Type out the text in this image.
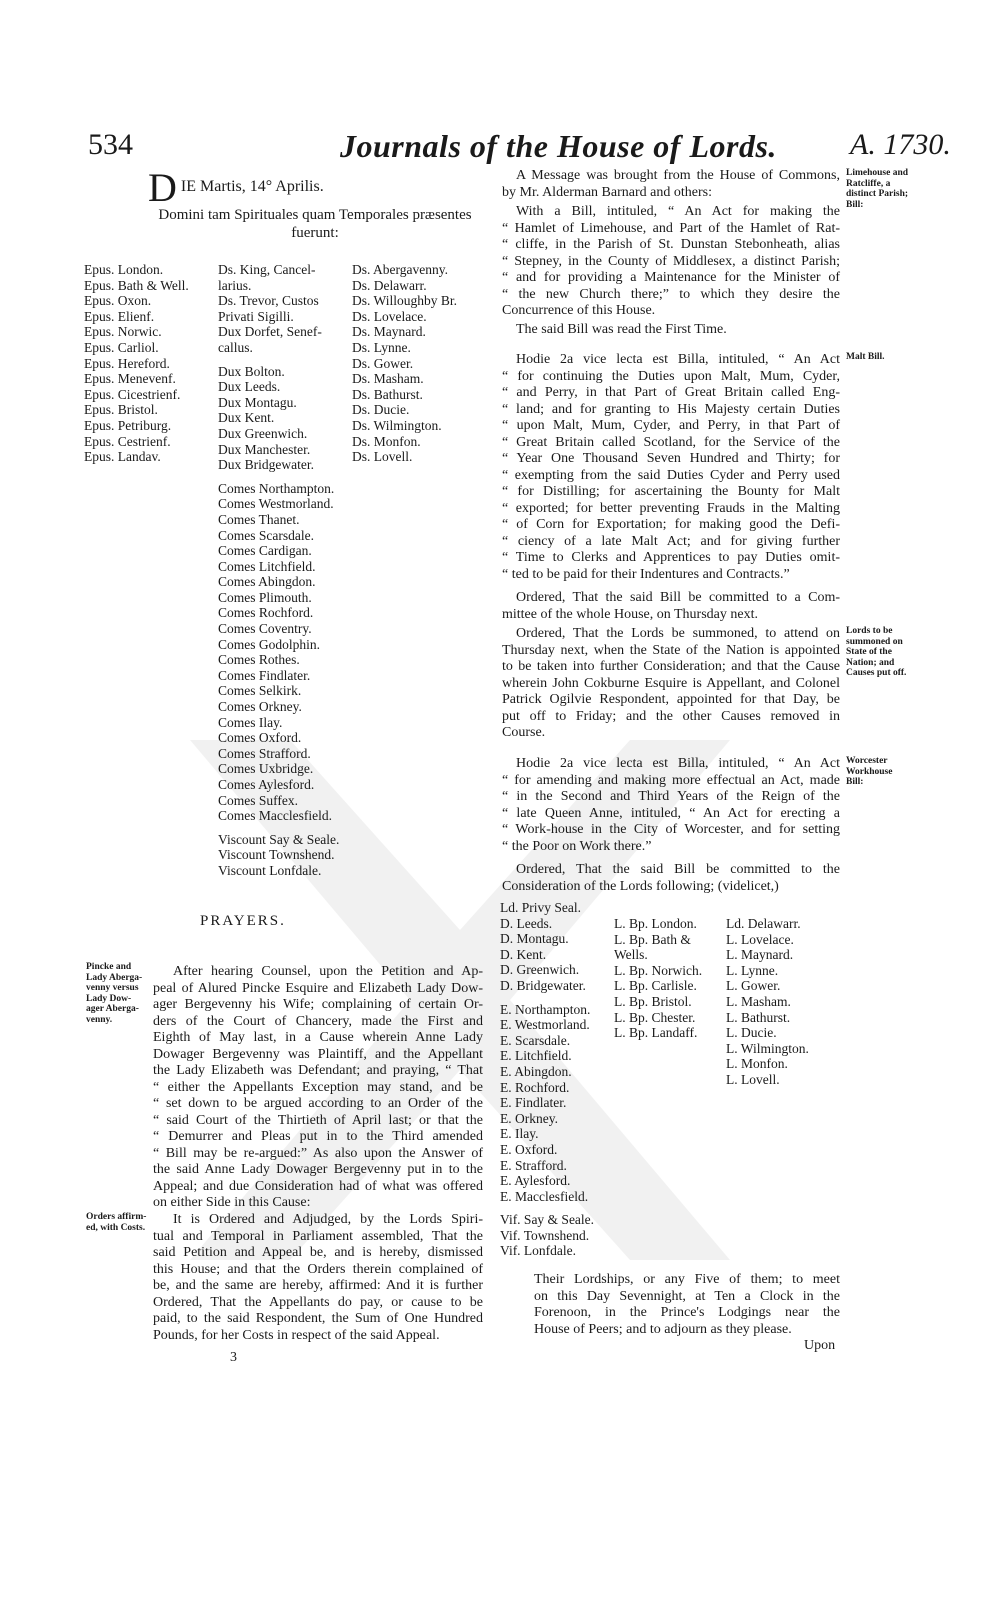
534	Journals of the House of Lords. A. 1730.
DIE Martis, 14° Aprilis.
Domini tam Spirituales quam Temporales præsentes
fuerunt:
Epus. London.
Epus. Bath & Well.
Epus. Oxon.
Epus. Elienf.
Epus. Norwic.
Epus. Carliol.
Epus. Hereford.
Epus. Menevenf.
Epus. Cicestrienf.
Epus. Bristol.
Epus. Petriburg.
Epus. Cestrienf.
Epus. Landav.
Ds. King, Cancel-
larius.
Ds. Trevor, Custos
Privati Sigilli.
Dux Dorfet, Senef-
callus.

Dux Bolton.
Dux Leeds.
Dux Montagu.
Dux Kent.
Dux Greenwich.
Dux Manchester.
Dux Bridgewater.

Comes Northampton.
Comes Westmorland.
Comes Thanet.
Comes Scarsdale.
Comes Cardigan.
Comes Litchfield.
Comes Abingdon.
Comes Plimouth.
Comes Rochford.
Comes Coventry.
Comes Godolphin.
Comes Rothes.
Comes Findlater.
Comes Selkirk.
Comes Orkney.
Comes Ilay.
Comes Oxford.
Comes Strafford.
Comes Uxbridge.
Comes Aylesford.
Comes Suffex.
Comes Macclesfield.

Viscount Say & Seale.
Viscount Townshend.
Viscount Lonfdale.
Ds. Abergavenny.
Ds. Delawarr.
Ds. Willoughby Br.
Ds. Lovelace.
Ds. Maynard.
Ds. Lynne.
Ds. Gower.
Ds. Masham.
Ds. Bathurst.
Ds. Ducie.
Ds. Wilmington.
Ds. Monfon.
Ds. Lovell.
PRAYERS.
Pincke and
Lady Aberga-
venny versus
Lady Dow-
ager Aberga-
venny.
Orders affirm-
ed, with Costs.
After hearing Counsel, upon the Petition and Ap-
peal of Alured Pincke Esquire and Elizabeth Lady Dow-
ager Bergevenny his Wife; complaining of certain Or-
ders of the Court of Chancery, made the First and
Eighth of May last, in a Cause wherein Anne Lady
Dowager Bergevenny was Plaintiff, and the Appellant
the Lady Elizabeth was Defendant; and praying, “ That
“ either the Appellants Exception may stand, and be
“ set down to be argued according to an Order of the
“ said Court of the Thirtieth of April last; or that the
“ Demurrer and Pleas put in to the Third amended
“ Bill may be re-argued:” As also upon the Answer of
the said Anne Lady Dowager Bergevenny put in to the
Appeal; and due Consideration had of what was offered
on either Side in this Cause:
It is Ordered and Adjudged, by the Lords Spiri-
tual and Temporal in Parliament assembled, That the
said Petition and Appeal be, and is hereby, dismissed
this House; and that the Orders therein complained of
be, and the same are hereby, affirmed: And it is further
Ordered, That the Appellants do pay, or cause to be
paid, to the said Respondent, the Sum of One Hundred
Pounds, for her Costs in respect of the said Appeal.
3
Limehouse and
Ratcliffe, a
distinct Parish;
Bill:
Malt Bill.
Lords to be
summoned on
State of the
Nation; and
Causes put off.
Worcester
Workhouse
Bill:
A Message was brought from the House of Commons,
by Mr. Alderman Barnard and others:
With a Bill, intituled, “ An Act for making the
“ Hamlet of Limehouse, and Part of the Hamlet of Rat-
“ cliffe, in the Parish of St. Dunstan Stebonheath, alias
“ Stepney, in the County of Middlesex, a distinct Parish;
“ and for providing a Maintenance for the Minister of
“ the new Church there;” to which they desire the
Concurrence of this House.
The said Bill was read the First Time.
Hodie 2a vice lecta est Billa, intituled, “ An Act
“ for continuing the Duties upon Malt, Mum, Cyder,
“ and Perry, in that Part of Great Britain called Eng-
“ land; and for granting to His Majesty certain Duties
“ upon Malt, Mum, Cyder, and Perry, in that Part of
“ Great Britain called Scotland, for the Service of the
“ Year One Thousand Seven Hundred and Thirty; for
“ exempting from the said Duties Cyder and Perry used
“ for Distilling; for ascertaining the Bounty for Malt
“ exported; for better preventing Frauds in the Malting
“ of Corn for Exportation; for making good the Defi-
“ ciency of a late Malt Act; and for giving further
“ Time to Clerks and Apprentices to pay Duties omit-
“ ted to be paid for their Indentures and Contracts.”
Ordered, That the said Bill be committed to a Com-
mittee of the whole House, on Thursday next.
Ordered, That the Lords be summoned, to attend on
Thursday next, when the State of the Nation is appointed
to be taken into further Consideration; and that the Cause
wherein John Cokburne Esquire is Appellant, and Colonel
Patrick Ogilvie Respondent, appointed for that Day, be
put off to Friday; and the other Causes removed in
Course.
Hodie 2a vice lecta est Billa, intituled, “ An Act
“ for amending and making more effectual an Act, made
“ in the Second and Third Years of the Reign of the
“ late Queen Anne, intituled, “ An Act for erecting a
“ Work-house in the City of Worcester, and for setting
“ the Poor on Work there.”
Ordered, That the said Bill be committed to the
Consideration of the Lords following; (videlicet,)
Ld. Privy Seal.
D. Leeds.
D. Montagu.
D. Kent.
D. Greenwich.
D. Bridgewater.

E. Northampton.
E. Westmorland.
E. Scarsdale.
E. Litchfield.
E. Abingdon.
E. Rochford.
E. Findlater.
E. Orkney.
E. Ilay.
E. Oxford.
E. Strafford.
E. Aylesford.
E. Macclesfield.

Vif. Say & Seale.
Vif. Townshend.
Vif. Lonfdale.
L. Bp. London.
L. Bp. Bath &
Wells.
L. Bp. Norwich.
L. Bp. Carlisle.
L. Bp. Bristol.
L. Bp. Chester.
L. Bp. Landaff.
Ld. Delawarr.
L. Lovelace.
L. Maynard.
L. Lynne.
L. Gower.
L. Masham.
L. Bathurst.
L. Ducie.
L. Wilmington.
L. Monfon.
L. Lovell.
Their Lordships, or any Five of them; to meet
on this Day Sevennight, at Ten a Clock in the
Forenoon, in the Prince's Lodgings near the
House of Peers; and to adjourn as they please.
Upon
